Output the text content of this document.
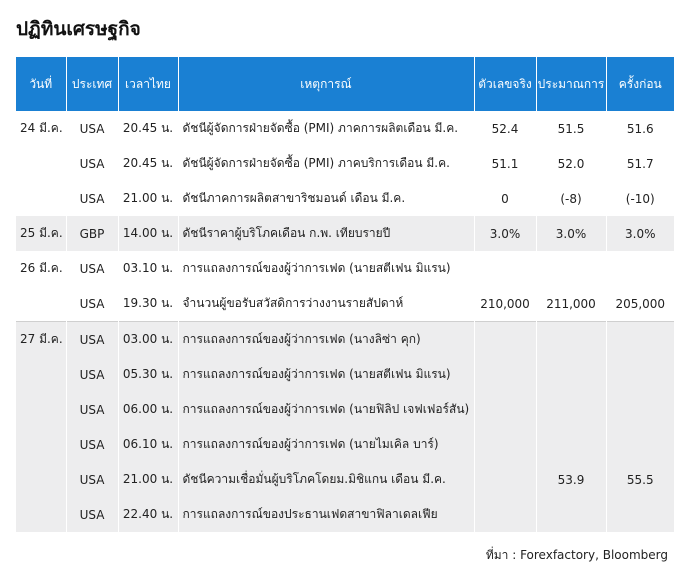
ปฏิทินเศรษฐกิจ
วันที่	ประเทศ	เวลาไทย	เหตุการณ์	ตัวเลขจริง	ประมาณการ	ครั้งก่อน
24 มี.ค.	USA	20.45 น.	ดัชนีผู้จัดการฝ่ายจัดซื้อ (PMI) ภาคการผลิตเดือน มี.ค.	52.4	51.5	51.6
	USA	20.45 น.	ดัชนีผู้จัดการฝ่ายจัดซื้อ (PMI) ภาคบริการเดือน มี.ค.	51.1	52.0	51.7
	USA	21.00 น.	ดัชนีภาคการผลิตสาขาริชมอนด์ เดือน มี.ค.	0	(-8)	(-10)
25 มี.ค.	GBP	14.00 น.	ดัชนีราคาผู้บริโภคเดือน ก.พ. เทียบรายปี	3.0%	3.0%	3.0%
26 มี.ค.	USA	03.10 น.	การแถลงการณ์ของผู้ว่าการเฟด (นายสตีเฟน มิแรน)			
	USA	19.30 น.	จำนวนผู้ขอรับสวัสดิการว่างงานรายสัปดาห์	210,000	211,000	205,000
27 มี.ค.	USA	03.00 น.	การแถลงการณ์ของผู้ว่าการเฟด (นางลิซ่า คุก)			
	USA	05.30 น.	การแถลงการณ์ของผู้ว่าการเฟด (นายสตีเฟน มิแรน)			
	USA	06.00 น.	การแถลงการณ์ของผู้ว่าการเฟด (นายฟิลิป เจฟเฟอร์สัน)			
	USA	06.10 น.	การแถลงการณ์ของผู้ว่าการเฟด (นายไมเคิล บาร์)			
	USA	21.00 น.	ดัชนีความเชื่อมั่นผู้บริโภคโดยม.มิชิแกน เดือน มี.ค.		53.9	55.5
	USA	22.40 น.	การแถลงการณ์ของประธานเฟดสาขาฟิลาเดลเฟีย			
ที่มา : Forexfactory, Bloomberg
